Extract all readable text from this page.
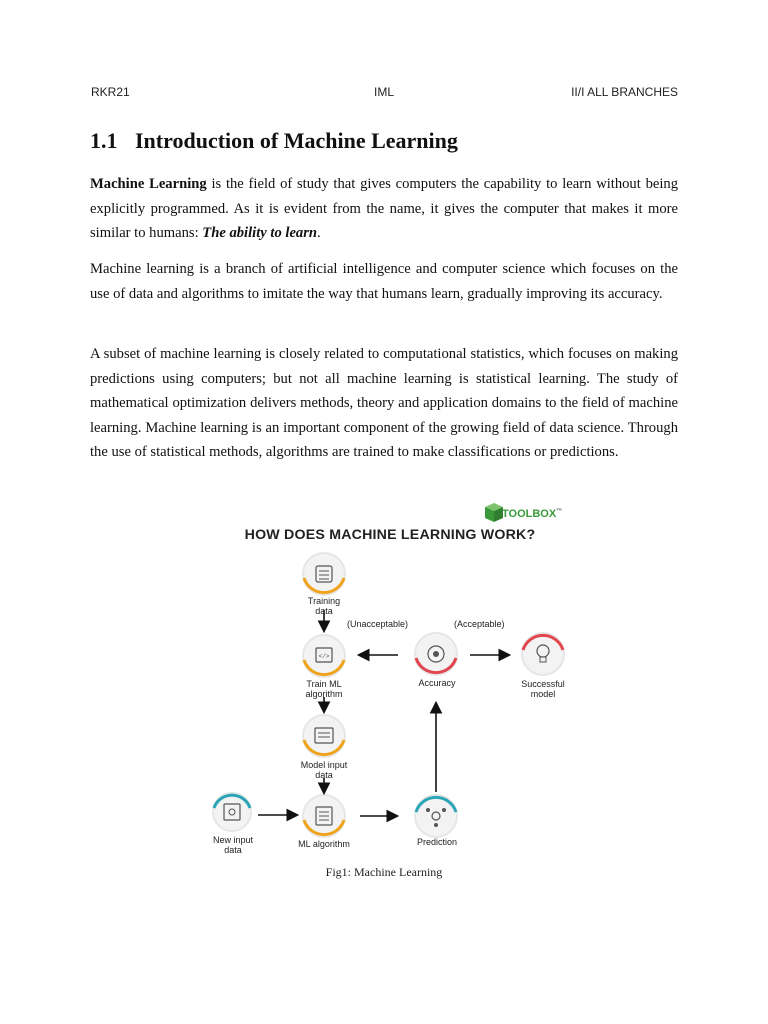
RKR21	IML	II/I ALL BRANCHES
1.1 Introduction of Machine Learning

Machine Learning is the field of study that gives computers the capability to learn without being explicitly programmed. As it is evident from the name, it gives the computer that makes it more similar to humans: The ability to learn.

Machine learning is a branch of artificial intelligence and computer science which focuses on the use of data and algorithms to imitate the way that humans learn, gradually improving its accuracy.

A subset of machine learning is closely related to computational statistics, which focuses on making predictions using computers; but not all machine learning is statistical learning. The study of mathematical optimization delivers methods, theory and application domains to the field of machine learning. Machine learning is an important component of the growing field of data science. Through the use of statistical methods, algorithms are trained to make classifications or predictions.

</>
TOOLBOX™
HOW DOES MACHINE LEARNING WORK?
Training
data
Train ML
algorithm
Model input
data
ML algorithm
New input
data
Prediction
Accuracy	Successful
model
(Unacceptable)	(Acceptable)
Fig1: Machine Learning
